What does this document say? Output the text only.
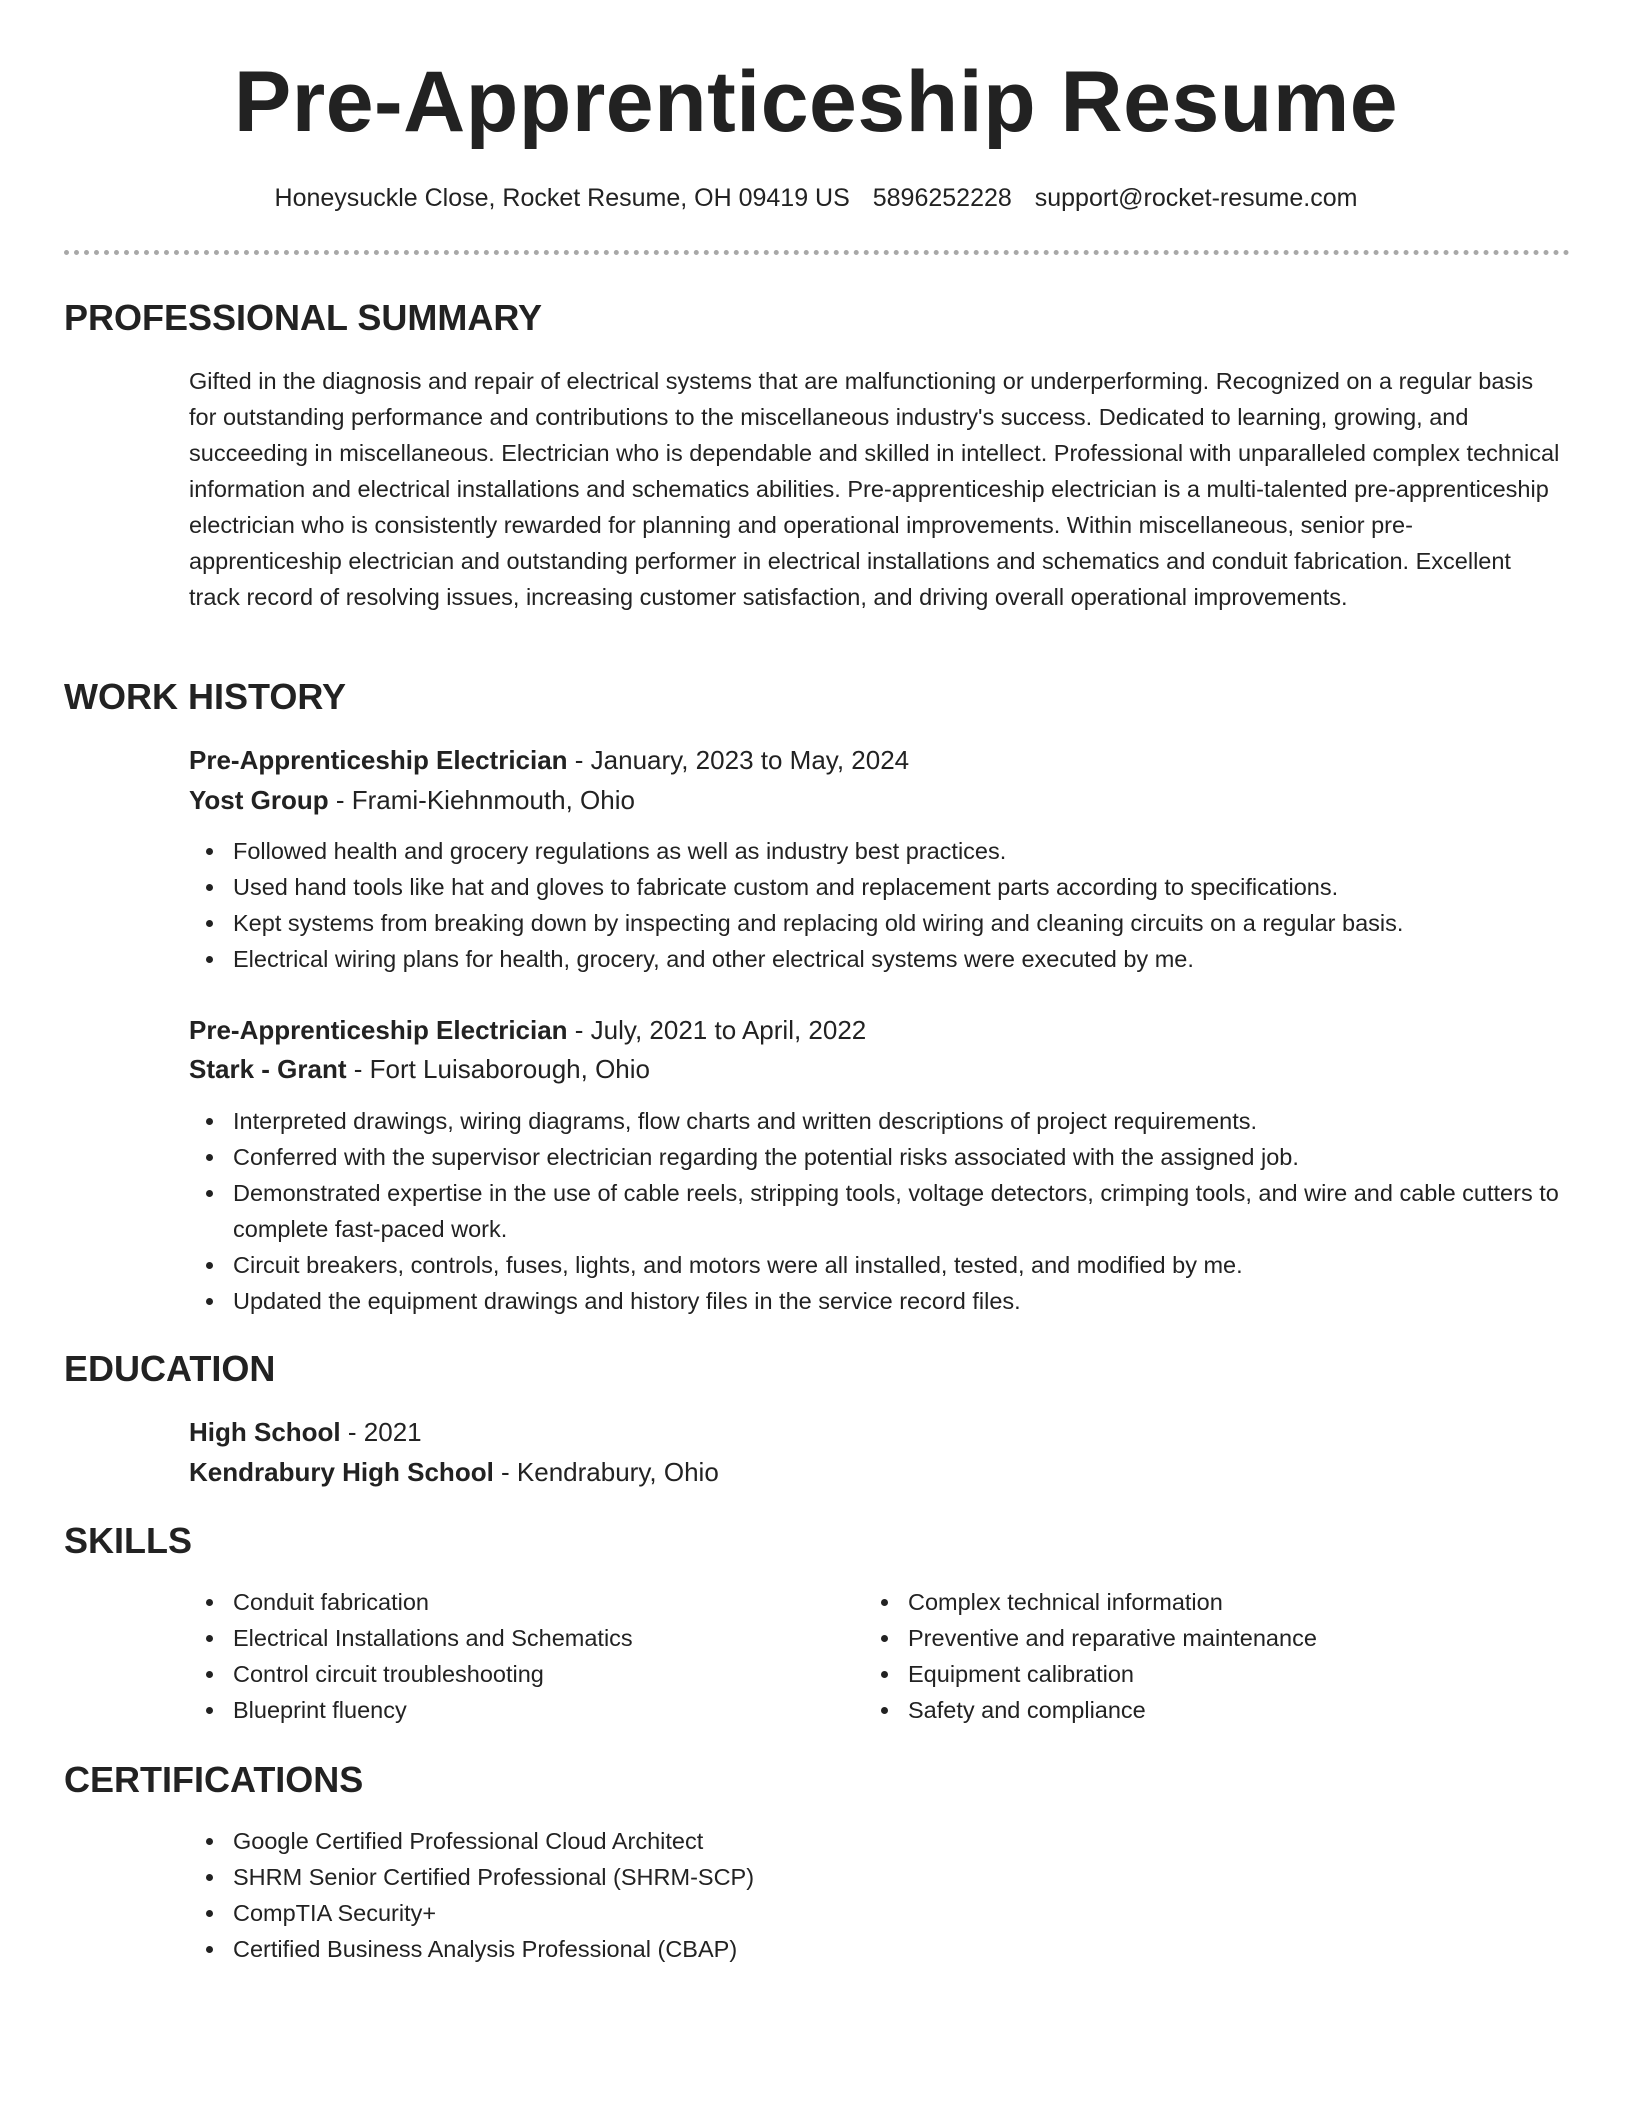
Pre-Apprenticeship Resume
Honeysuckle Close, Rocket Resume, OH 09419 US 5896252228 support@rocket-resume.com
PROFESSIONAL SUMMARY
Gifted in the diagnosis and repair of electrical systems that are malfunctioning or underperforming. Recognized on a regular basis for outstanding performance and contributions to the miscellaneous industry's success. Dedicated to learning, growing, and succeeding in miscellaneous. Electrician who is dependable and skilled in intellect. Professional with unparalleled complex technical information and electrical installations and schematics abilities. Pre-apprenticeship electrician is a multi-talented pre-apprenticeship electrician who is consistently rewarded for planning and operational improvements. Within miscellaneous, senior pre-apprenticeship electrician and outstanding performer in electrical installations and schematics and conduit fabrication. Excellent track record of resolving issues, increasing customer satisfaction, and driving overall operational improvements.
WORK HISTORY
Pre-Apprenticeship Electrician - January, 2023 to May, 2024
Yost Group - Frami-Kiehnmouth, Ohio
Followed health and grocery regulations as well as industry best practices.
Used hand tools like hat and gloves to fabricate custom and replacement parts according to specifications.
Kept systems from breaking down by inspecting and replacing old wiring and cleaning circuits on a regular basis.
Electrical wiring plans for health, grocery, and other electrical systems were executed by me.
Pre-Apprenticeship Electrician - July, 2021 to April, 2022
Stark - Grant - Fort Luisaborough, Ohio
Interpreted drawings, wiring diagrams, flow charts and written descriptions of project requirements.
Conferred with the supervisor electrician regarding the potential risks associated with the assigned job.
Demonstrated expertise in the use of cable reels, stripping tools, voltage detectors, crimping tools, and wire and cable cutters to complete fast-paced work.
Circuit breakers, controls, fuses, lights, and motors were all installed, tested, and modified by me.
Updated the equipment drawings and history files in the service record files.
EDUCATION
High School - 2021
Kendrabury High School - Kendrabury, Ohio
SKILLS
Conduit fabrication
Electrical Installations and Schematics
Control circuit troubleshooting
Blueprint fluency
Complex technical information
Preventive and reparative maintenance
Equipment calibration
Safety and compliance
CERTIFICATIONS
Google Certified Professional Cloud Architect
SHRM Senior Certified Professional (SHRM-SCP)
CompTIA Security+
Certified Business Analysis Professional (CBAP)
